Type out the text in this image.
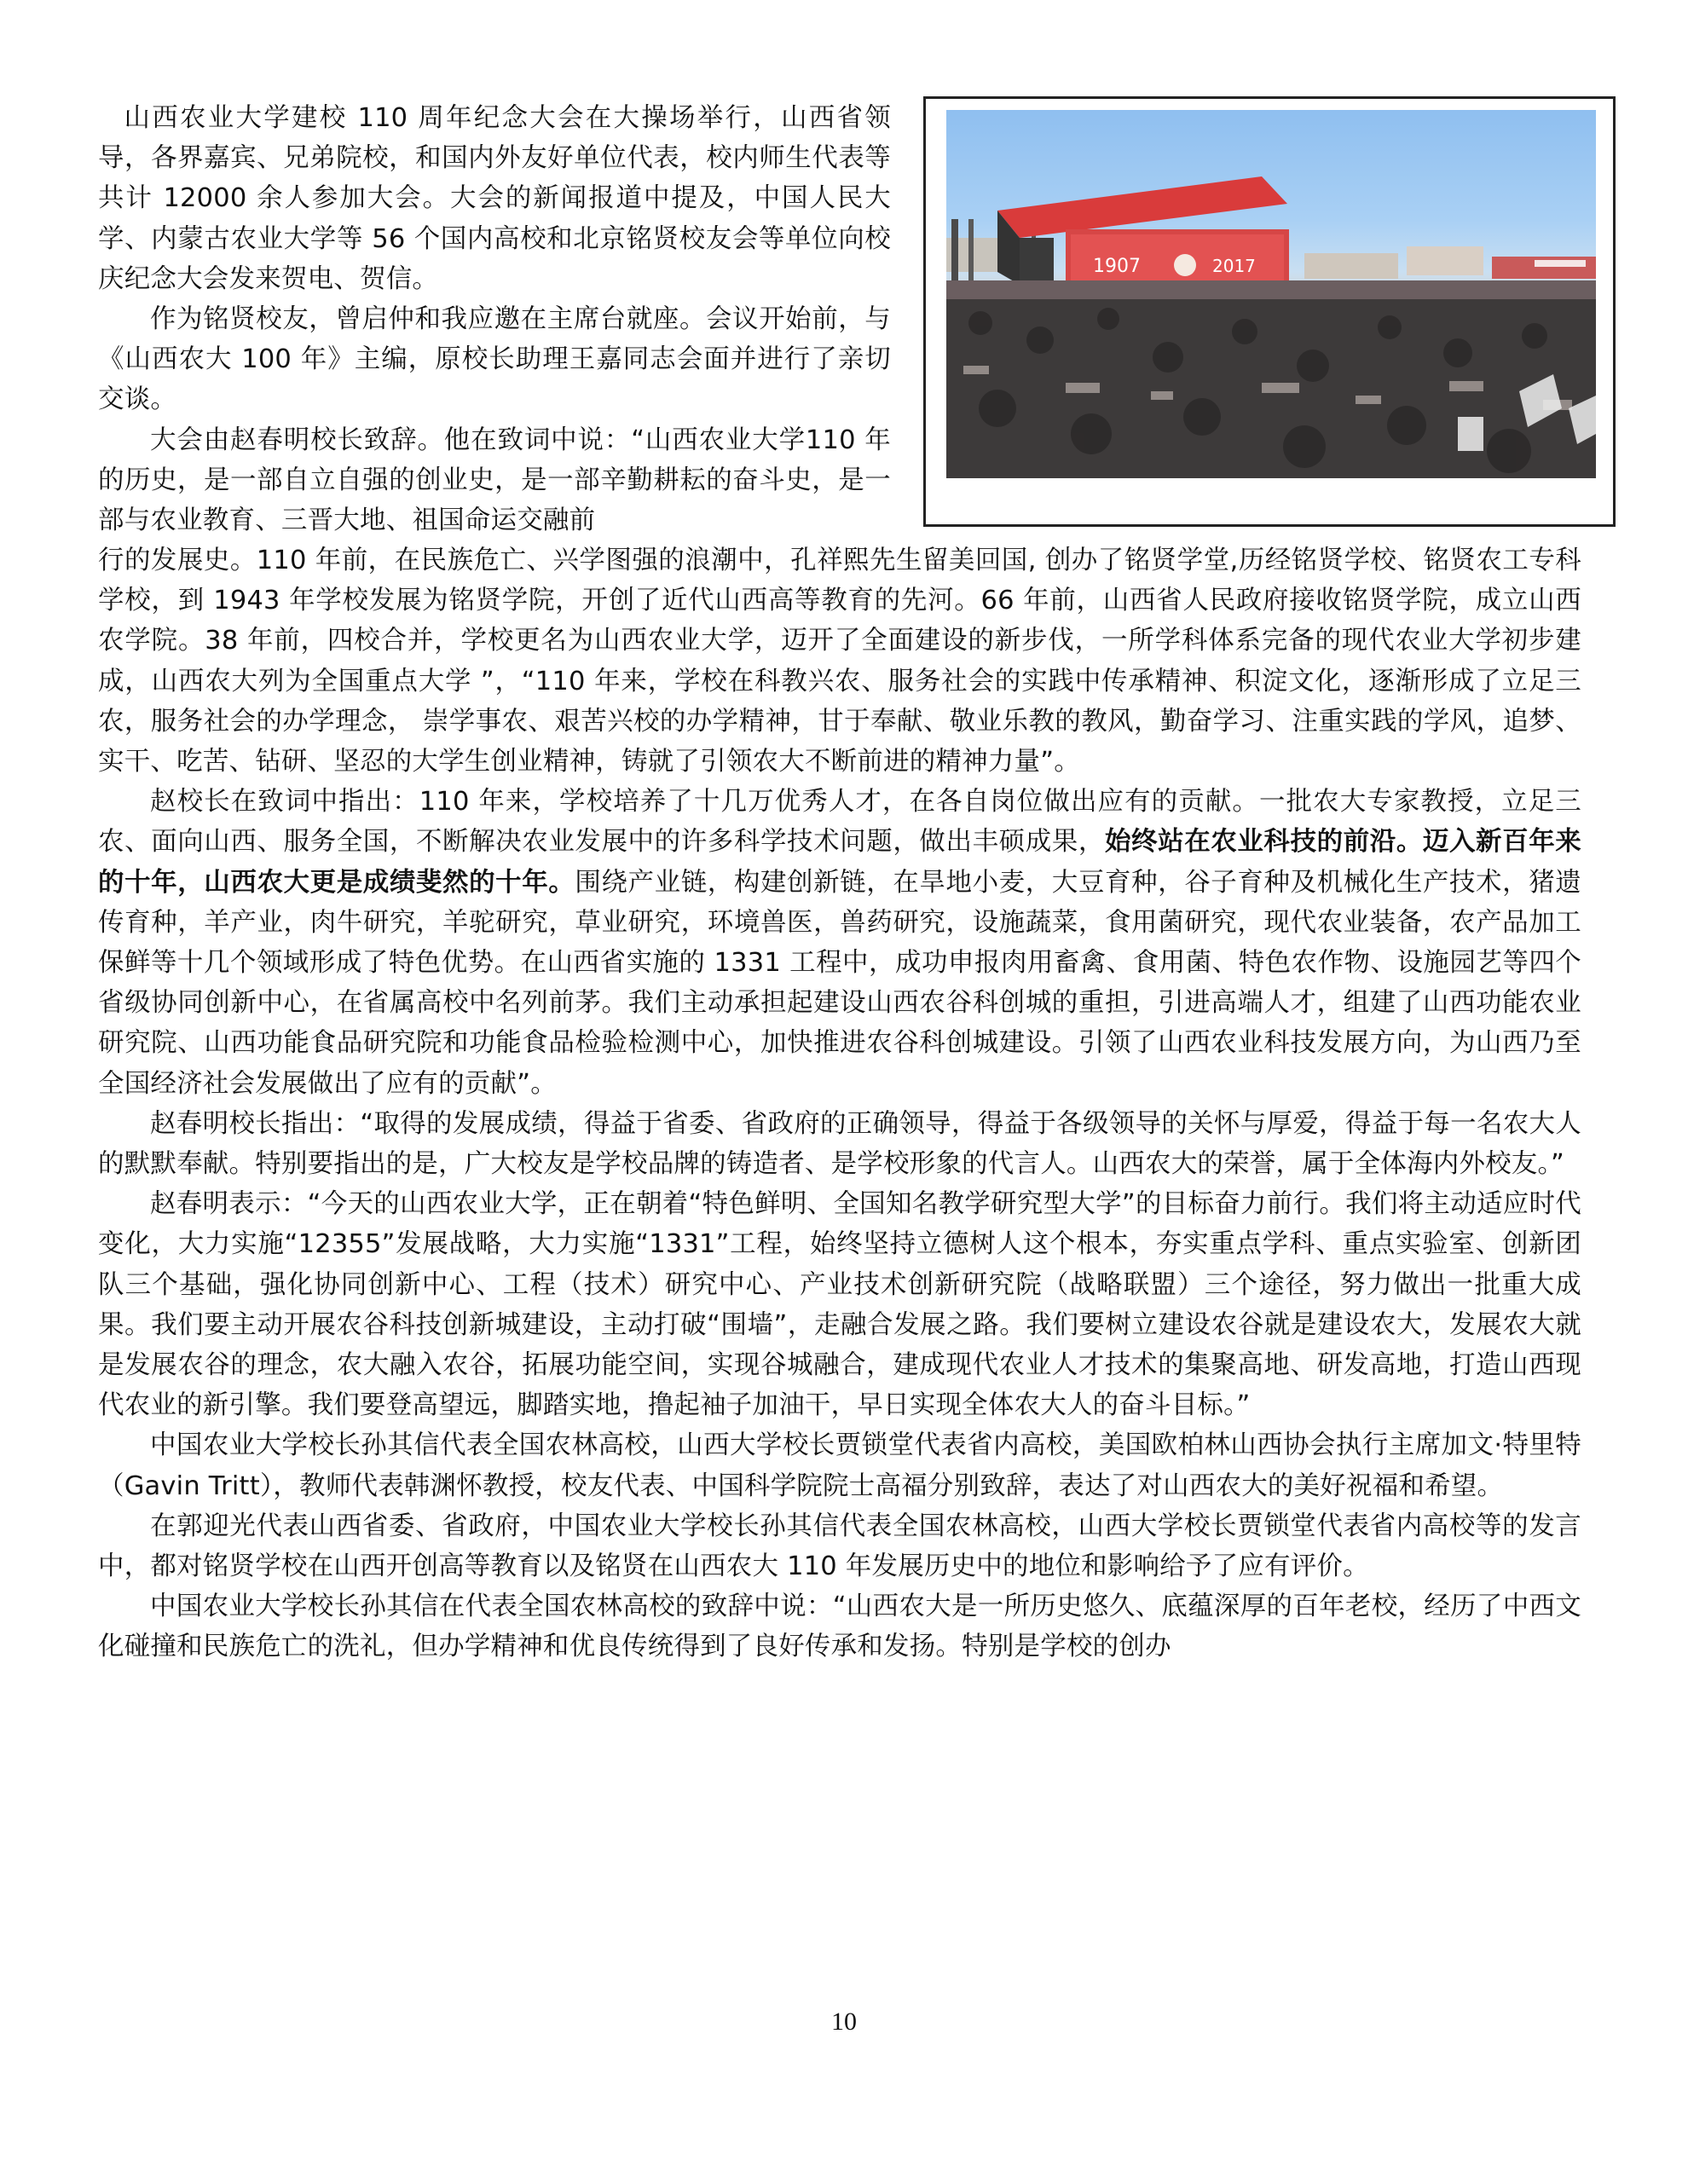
1907	2017

山西农业大学建校 110 周年纪念大会在大操场举行，山西省领导，各界嘉宾、兄弟院校，和国内外友好单位代表，校内师生代表等共计 12000 余人参加大会。大会的新闻报道中提及，中国人民大学、内蒙古农业大学等 56 个国内高校和北京铭贤校友会等单位向校庆纪念大会发来贺电、贺信。

作为铭贤校友，曾启仲和我应邀在主席台就座。会议开始前，与《山西农大 100 年》主编，原校长助理王嘉同志会面并进行了亲切交谈。

大会由赵春明校长致辞。他在致词中说：“山西农业大学110 年的历史，是一部自立自强的创业史，是一部辛勤耕耘的奋斗史，是一部与农业教育、三晋大地、祖国命运交融前

行的发展史。110 年前，在民族危亡、兴学图强的浪潮中，孔祥熙先生留美回国, 创办了铭贤学堂,历经铭贤学校、铭贤农工专科学校，到 1943 年学校发展为铭贤学院，开创了近代山西高等教育的先河。66 年前，山西省人民政府接收铭贤学院，成立山西农学院。38 年前，四校合并，学校更名为山西农业大学，迈开了全面建设的新步伐，一所学科体系完备的现代农业大学初步建成，山西农大列为全国重点大学 ”，“110 年来，学校在科教兴农、服务社会的实践中传承精神、积淀文化，逐渐形成了立足三农，服务社会的办学理念， 崇学事农、艰苦兴校的办学精神，甘于奉献、敬业乐教的教风，勤奋学习、注重实践的学风，追梦、实干、吃苦、钻研、坚忍的大学生创业精神，铸就了引领农大不断前进的精神力量”。

赵校长在致词中指出：110 年来，学校培养了十几万优秀人才，在各自岗位做出应有的贡献。一批农大专家教授，立足三农、面向山西、服务全国，不断解决农业发展中的许多科学技术问题，做出丰硕成果，始终站在农业科技的前沿。迈入新百年来的十年，山西农大更是成绩斐然的十年。围绕产业链，构建创新链，在旱地小麦，大豆育种，谷子育种及机械化生产技术，猪遗传育种，羊产业，肉牛研究，羊驼研究，草业研究，环境兽医，兽药研究，设施蔬菜，食用菌研究，现代农业装备，农产品加工保鲜等十几个领域形成了特色优势。在山西省实施的 1331 工程中，成功申报肉用畜禽、食用菌、特色农作物、设施园艺等四个省级协同创新中心，在省属高校中名列前茅。我们主动承担起建设山西农谷科创城的重担，引进高端人才，组建了山西功能农业研究院、山西功能食品研究院和功能食品检验检测中心，加快推进农谷科创城建设。引领了山西农业科技发展方向，为山西乃至全国经济社会发展做出了应有的贡献”。

赵春明校长指出：“取得的发展成绩，得益于省委、省政府的正确领导，得益于各级领导的关怀与厚爱，得益于每一名农大人的默默奉献。特别要指出的是，广大校友是学校品牌的铸造者、是学校形象的代言人。山西农大的荣誉，属于全体海内外校友。”

赵春明表示：“今天的山西农业大学，正在朝着“特色鲜明、全国知名教学研究型大学”的目标奋力前行。我们将主动适应时代变化，大力实施“12355”发展战略，大力实施“1331”工程，始终坚持立德树人这个根本，夯实重点学科、重点实验室、创新团队三个基础，强化协同创新中心、工程（技术）研究中心、产业技术创新研究院（战略联盟）三个途径，努力做出一批重大成果。我们要主动开展农谷科技创新城建设，主动打破“围墙”，走融合发展之路。我们要树立建设农谷就是建设农大，发展农大就是发展农谷的理念，农大融入农谷，拓展功能空间，实现谷城融合，建成现代农业人才技术的集聚高地、研发高地，打造山西现代农业的新引擎。我们要登高望远，脚踏实地，撸起袖子加油干，早日实现全体农大人的奋斗目标。”

中国农业大学校长孙其信代表全国农林高校，山西大学校长贾锁堂代表省内高校，美国欧柏林山西协会执行主席加文·特里特（Gavin Tritt），教师代表韩渊怀教授，校友代表、中国科学院院士高福分别致辞，表达了对山西农大的美好祝福和希望。

在郭迎光代表山西省委、省政府，中国农业大学校长孙其信代表全国农林高校，山西大学校长贾锁堂代表省内高校等的发言中，都对铭贤学校在山西开创高等教育以及铭贤在山西农大 110 年发展历史中的地位和影响给予了应有评价。

中国农业大学校长孙其信在代表全国农林高校的致辞中说：“山西农大是一所历史悠久、底蕴深厚的百年老校，经历了中西文化碰撞和民族危亡的洗礼，但办学精神和优良传统得到了良好传承和发扬。特别是学校的创办

10
